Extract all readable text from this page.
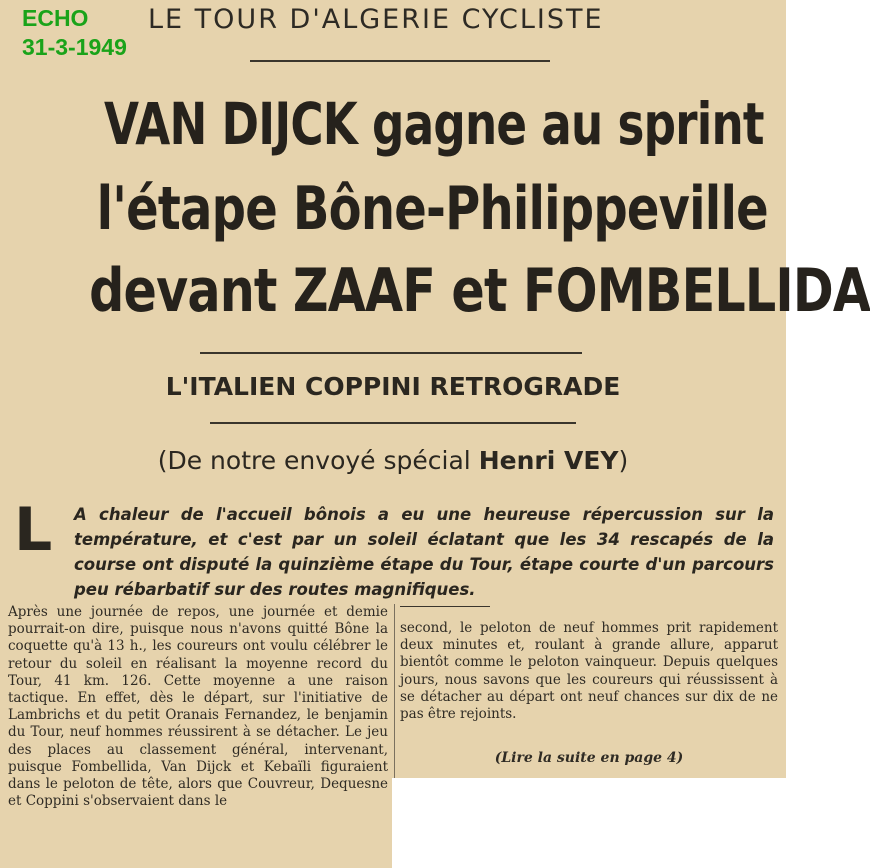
ECHO
31-3-1949
LE TOUR D'ALGERIE CYCLISTE
VAN DIJCK gagne au sprint
l'étape Bône-Philippeville
devant ZAAF et FOMBELLIDA
L'ITALIEN COPPINI RETROGRADE

(De notre envoyé spécial Henri VEY)

L A chaleur de l'accueil bônois a eu une heureuse répercussion sur la température, et c'est par un soleil éclatant que les 34 rescapés de la course ont disputé la quinzième étape du Tour, étape courte d'un parcours peu rébarbatif sur des routes magnifiques.

Après une journée de repos, une journée et demie pourrait-on dire, puisque nous n'avons quitté Bône la coquette qu'à 13 h., les coureurs ont voulu célébrer le retour du soleil en réalisant la moyenne record du Tour, 41 km. 126. Cette moyenne a une raison tactique. En effet, dès le départ, sur l'initiative de Lambrichs et du petit Oranais Fernandez, le benjamin du Tour, neuf hommes réussirent à se détacher. Le jeu des places au classement général, intervenant, puisque Fombellida, Van Dijck et Kebaïli figuraient dans le peloton de tête, alors que Couvreur, Dequesne et Coppini s'observaient dans le

second, le peloton de neuf hommes prit rapidement deux minutes et, roulant à grande allure, apparut bientôt comme le peloton vainqueur. Depuis quelques jours, nous savons que les coureurs qui réussissent à se détacher au départ ont neuf chances sur dix de ne pas être rejoints.

(Lire la suite en page 4)
